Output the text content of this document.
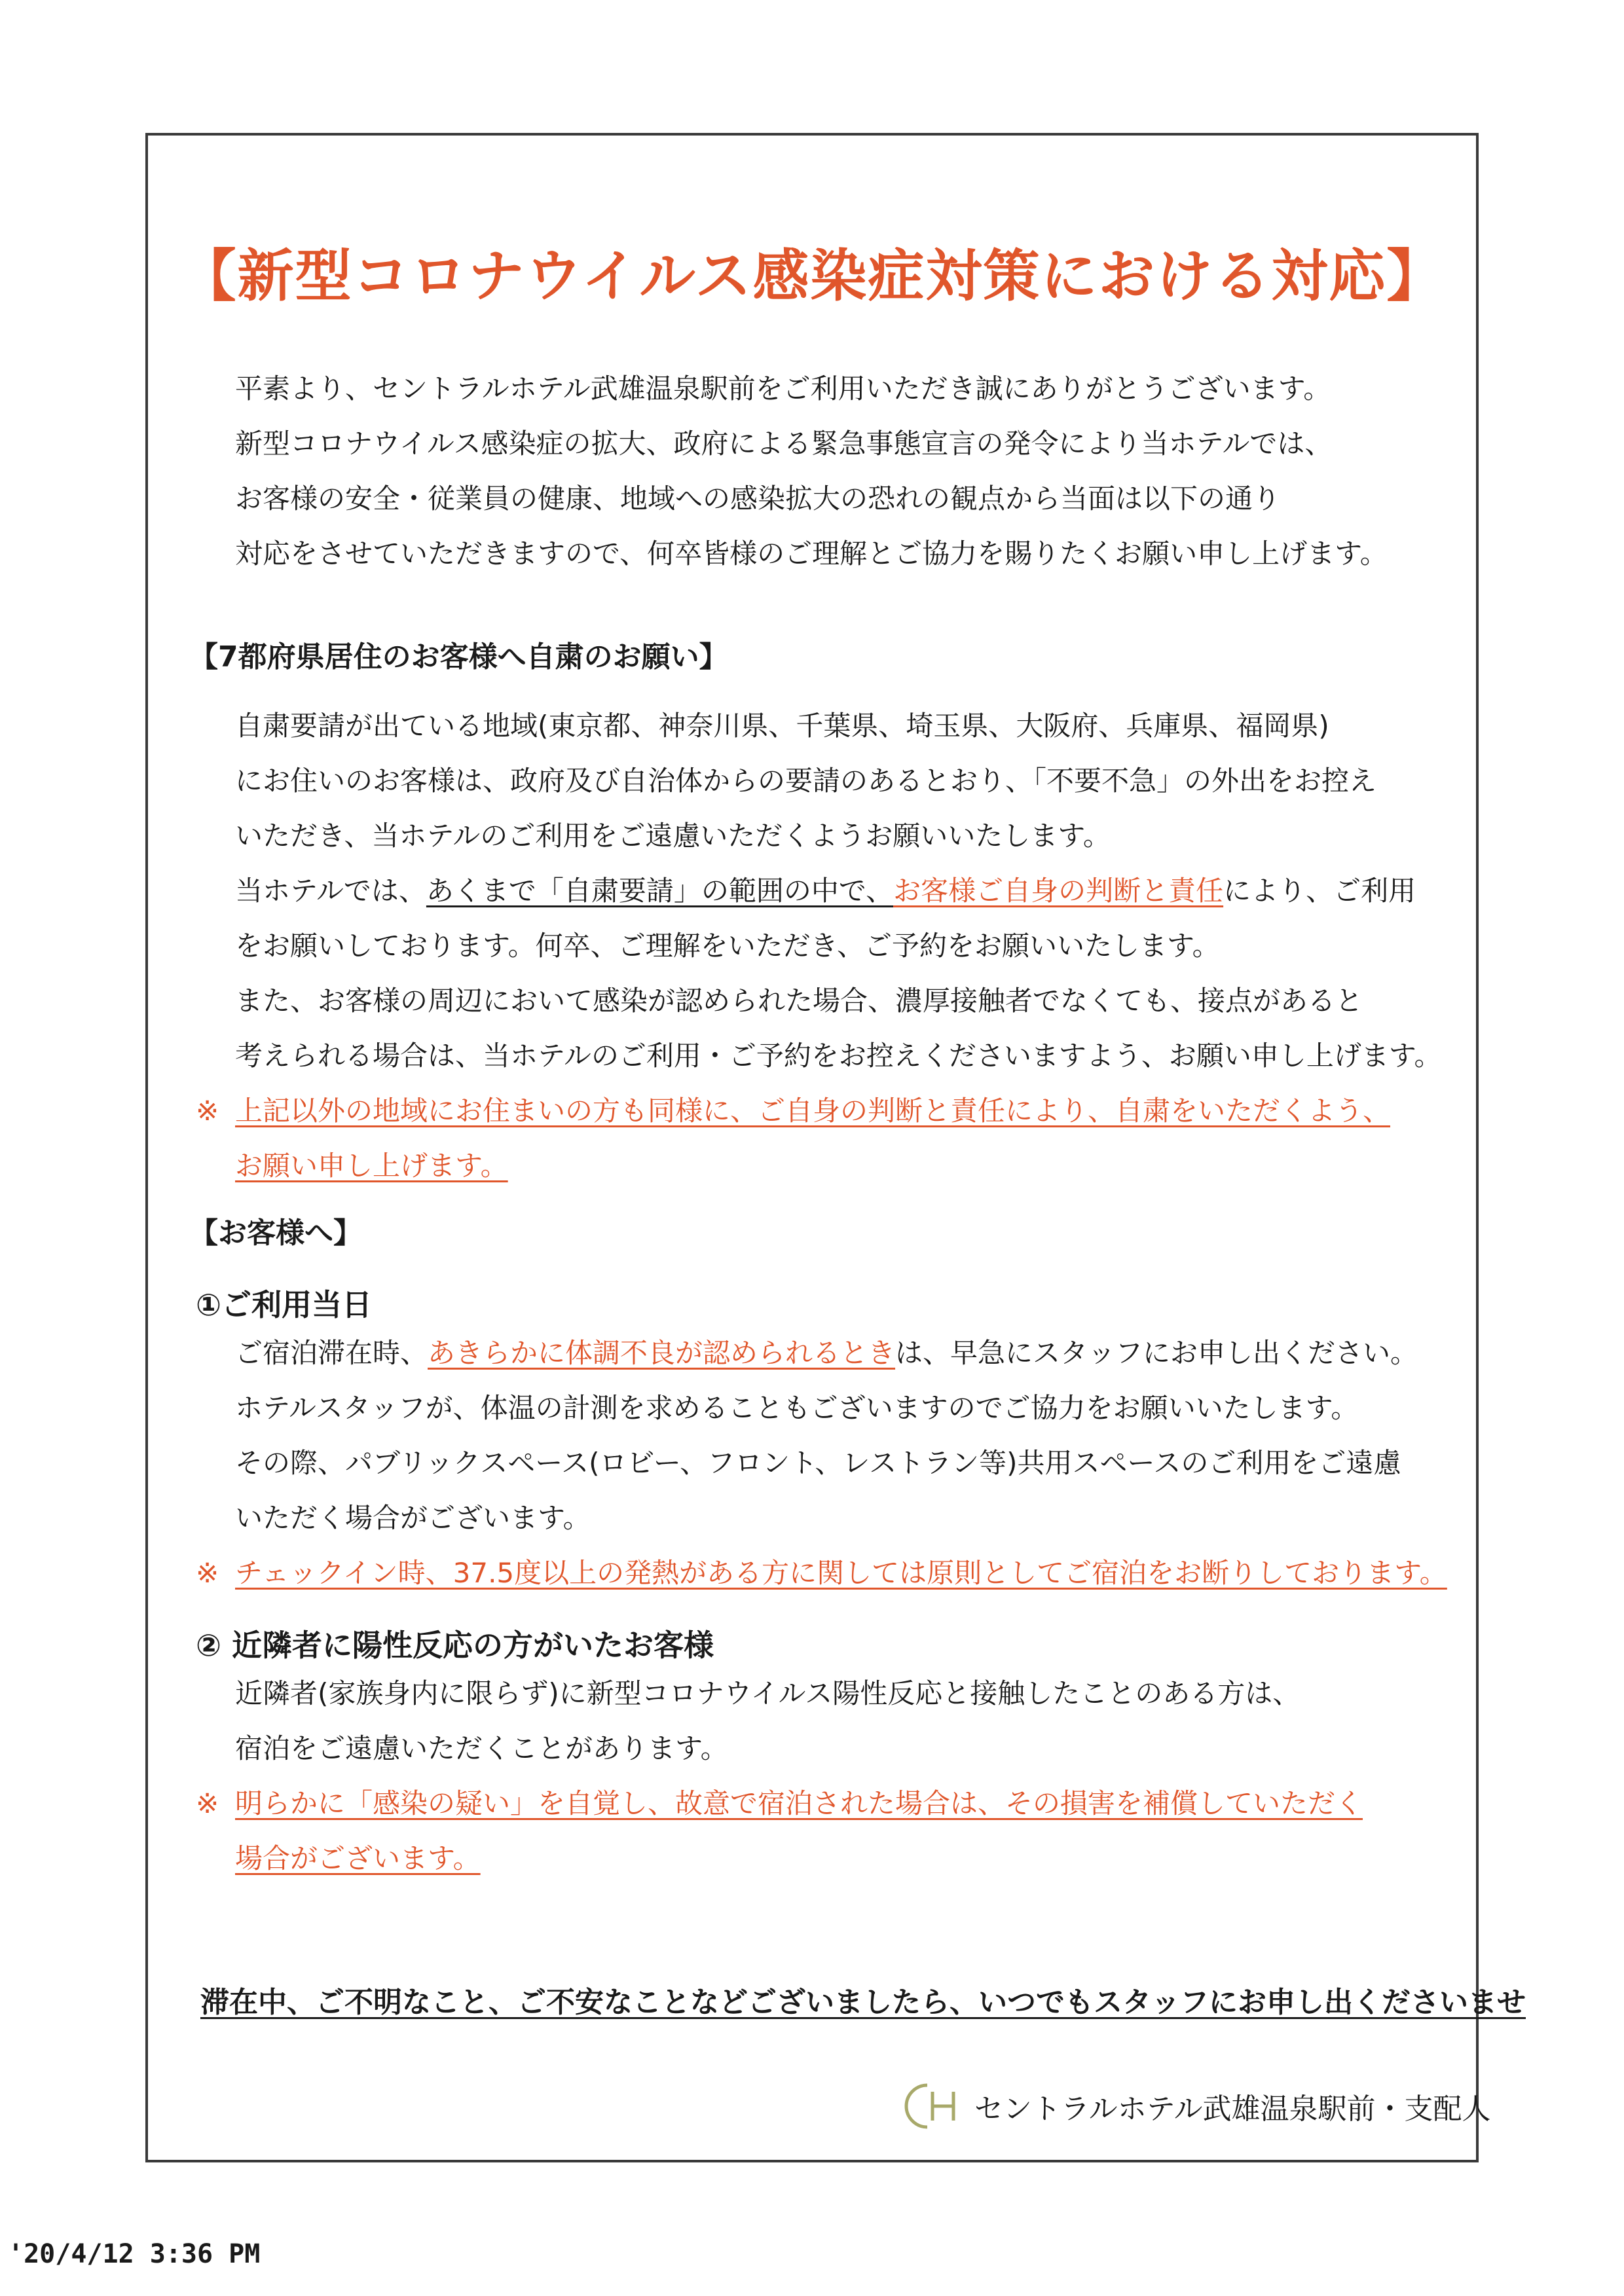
【新型コロナウイルス感染症対策における対応】
平素より、セントラルホテル武雄温泉駅前をご利用いただき誠にありがとうございます。
新型コロナウイルス感染症の拡大、政府による緊急事態宣言の発令により当ホテルでは、
お客様の安全・従業員の健康、地域への感染拡大の恐れの観点から当面は以下の通り
対応をさせていただきますので、何卒皆様のご理解とご協力を賜りたくお願い申し上げます。
【7都府県居住のお客様へ自粛のお願い】
自粛要請が出ている地域(東京都、神奈川県、千葉県、埼玉県、大阪府、兵庫県、福岡県)
にお住いのお客様は、政府及び自治体からの要請のあるとおり、「不要不急」の外出をお控え
いただき、当ホテルのご利用をご遠慮いただくようお願いいたします。
当ホテルでは、あくまで「自粛要請」の範囲の中で、お客様ご自身の判断と責任により、ご利用
をお願いしております。何卒、ご理解をいただき、ご予約をお願いいたします。
また、お客様の周辺において感染が認められた場合、濃厚接触者でなくても、接点があると
考えられる場合は、当ホテルのご利用・ご予約をお控えくださいますよう、お願い申し上げます。
※ 上記以外の地域にお住まいの方も同様に、ご自身の判断と責任により、自粛をいただくよう、
お願い申し上げます。
【お客様へ】
①ご利用当日
ご宿泊滞在時、あきらかに体調不良が認められるときは、早急にスタッフにお申し出ください。
ホテルスタッフが、体温の計測を求めることもございますのでご協力をお願いいたします。
その際、パブリックスペース(ロビー、フロント、レストラン等)共用スペースのご利用をご遠慮
いただく場合がございます。
※ チェックイン時、37.5度以上の発熱がある方に関しては原則としてご宿泊をお断りしております。
② 近隣者に陽性反応の方がいたお客様
近隣者(家族身内に限らず)に新型コロナウイルス陽性反応と接触したことのある方は、
宿泊をご遠慮いただくことがあります。
※ 明らかに「感染の疑い」を自覚し、故意で宿泊された場合は、その損害を補償していただく
場合がございます。
滞在中、ご不明なこと、ご不安なことなどございましたら、いつでもスタッフにお申し出くださいませ
セントラルホテル武雄温泉駅前・支配人
'20/4/12 3:36 PM
